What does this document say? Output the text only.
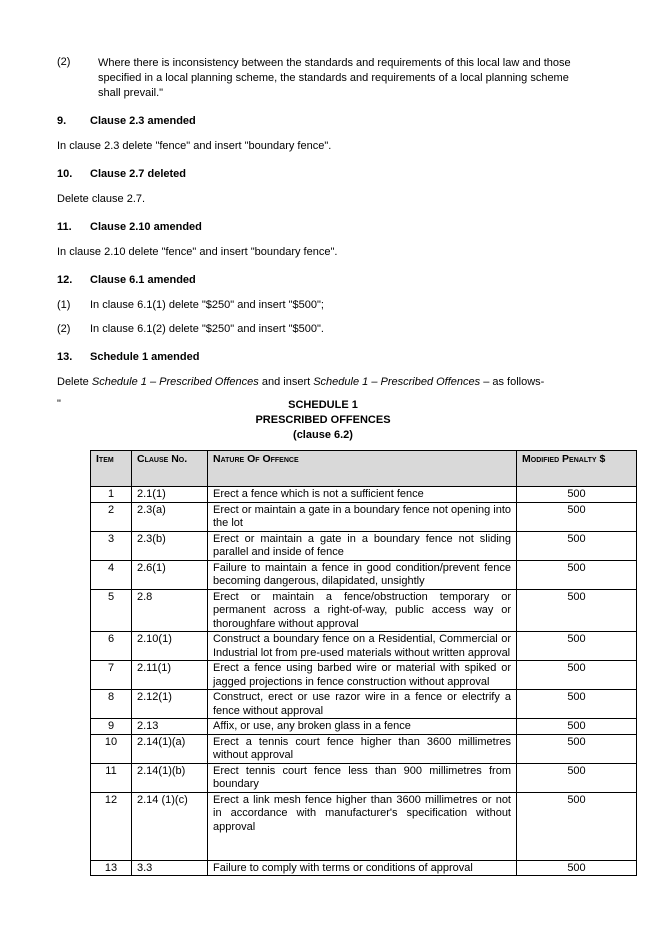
(2)	Where there is inconsistency between the standards and requirements of this local law and those specified in a local planning scheme, the standards and requirements of a local planning scheme shall prevail."
9. Clause 2.3 amended
In clause 2.3 delete "fence" and insert "boundary fence".
10. Clause 2.7 deleted
Delete clause 2.7.
11. Clause 2.10 amended
In clause 2.10 delete "fence" and insert "boundary fence".
12. Clause 6.1 amended
(1) In clause 6.1(1) delete "$250" and insert "$500";
(2) In clause 6.1(2) delete "$250" and insert "$500".
13. Schedule 1 amended
Delete Schedule 1 – Prescribed Offences and insert Schedule 1 – Prescribed Offences – as follows-
"	SCHEDULE 1
PRESCRIBED OFFENCES
(clause 6.2)
Item	Clause No.	Nature Of Offence	Modified Penalty $
1	2.1(1)	Erect a fence which is not a sufficient fence	500
2	2.3(a)	Erect or maintain a gate in a boundary fence not opening into the lot	500
3	2.3(b)	Erect or maintain a gate in a boundary fence not sliding parallel and inside of fence	500
4	2.6(1)	Failure to maintain a fence in good condition/prevent fence becoming dangerous, dilapidated, unsightly	500
5	2.8	Erect or maintain a fence/obstruction temporary or permanent across a right-of-way, public access way or thoroughfare without approval	500
6	2.10(1)	Construct a boundary fence on a Residential, Commercial or Industrial lot from pre-used materials without written approval	500
7	2.11(1)	Erect a fence using barbed wire or material with spiked or jagged projections in fence construction without approval	500
8	2.12(1)	Construct, erect or use razor wire in a fence or electrify a fence without approval	500
9	2.13	Affix, or use, any broken glass in a fence	500
10	2.14(1)(a)	Erect a tennis court fence higher than 3600 millimetres without approval	500
11	2.14(1)(b)	Erect tennis court fence less than 900 millimetres from boundary	500
12	2.14 (1)(c)	Erect a link mesh fence higher than 3600 millimetres or not in accordance with manufacturer's specification without approval	500
13	3.3	Failure to comply with terms or conditions of approval	500
